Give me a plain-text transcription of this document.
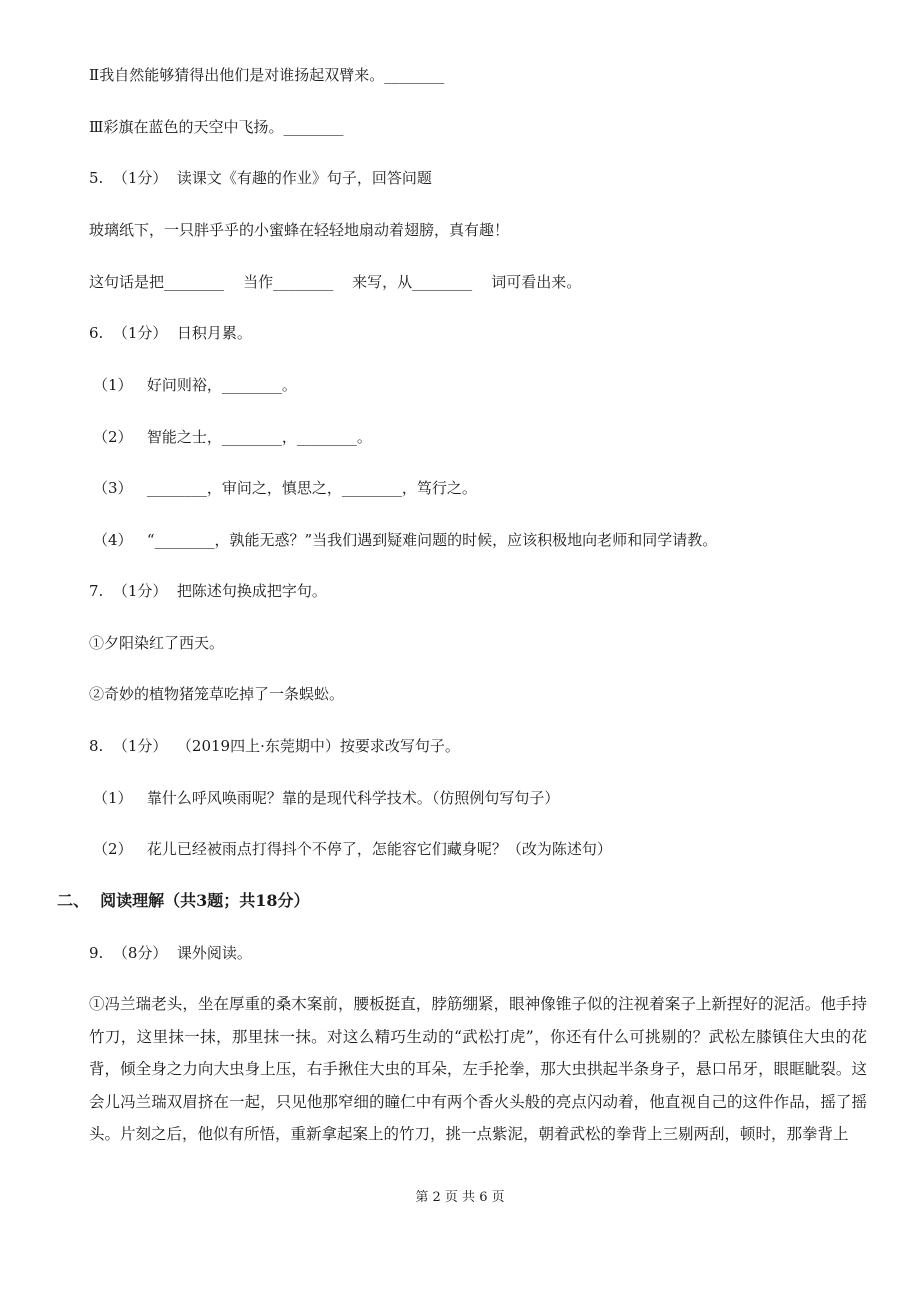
Ⅱ我自然能够猜得出他们是对谁扬起双臂来。________
Ⅲ彩旗在蓝色的天空中飞扬。________
5.  （1分）  读课文《有趣的作业》句子，回答问题
玻璃纸下，一只胖乎乎的小蜜蜂在轻轻地扇动着翅膀，真有趣！
这句话是把________    当作________    来写，从________    词可看出来。
6.  （1分）  日积月累。
（1）   好问则裕，________。
（2）   智能之士，________，________。
（3）   ________，审问之，慎思之，________，笃行之。
（4）   “________，孰能无惑？”当我们遇到疑难问题的时候，应该积极地向老师和同学请教。
7.  （1分）  把陈述句换成把字句。
①夕阳染红了西天。
②奇妙的植物猪笼草吃掉了一条蜈蚣。
8.  （1分）  （2019四上·东莞期中）按要求改写句子。
（1）   靠什么呼风唤雨呢？靠的是现代科学技术。（仿照例句写句子）
（2）   花儿已经被雨点打得抖个不停了，怎能容它们藏身呢？（改为陈述句）
二、  阅读理解（共3题；共18分）
9.  （8分）  课外阅读。
①冯兰瑞老头，坐在厚重的桑木案前，腰板挺直，脖筋绷紧，眼神像锥子似的注视着案子上新捏好的泥活。他手持竹刀，这里抹一抹，那里抹一抹。对这么精巧生动的“武松打虎”，你还有什么可挑剔的？武松左膝镇住大虫的花背，倾全身之力向大虫身上压，右手揪住大虫的耳朵，左手抡拳，那大虫拱起半条身子，悬口吊牙，眼眶眦裂。这会儿冯兰瑞双眉挤在一起，只见他那窄细的瞳仁中有两个香火头般的亮点闪动着，他直视自己的这件作品，摇了摇头。片刻之后，他似有所悟，重新拿起案上的竹刀，挑一点紫泥，朝着武松的拳背上三剔两刮，顿时，那拳背上
第 2 页 共 6 页
